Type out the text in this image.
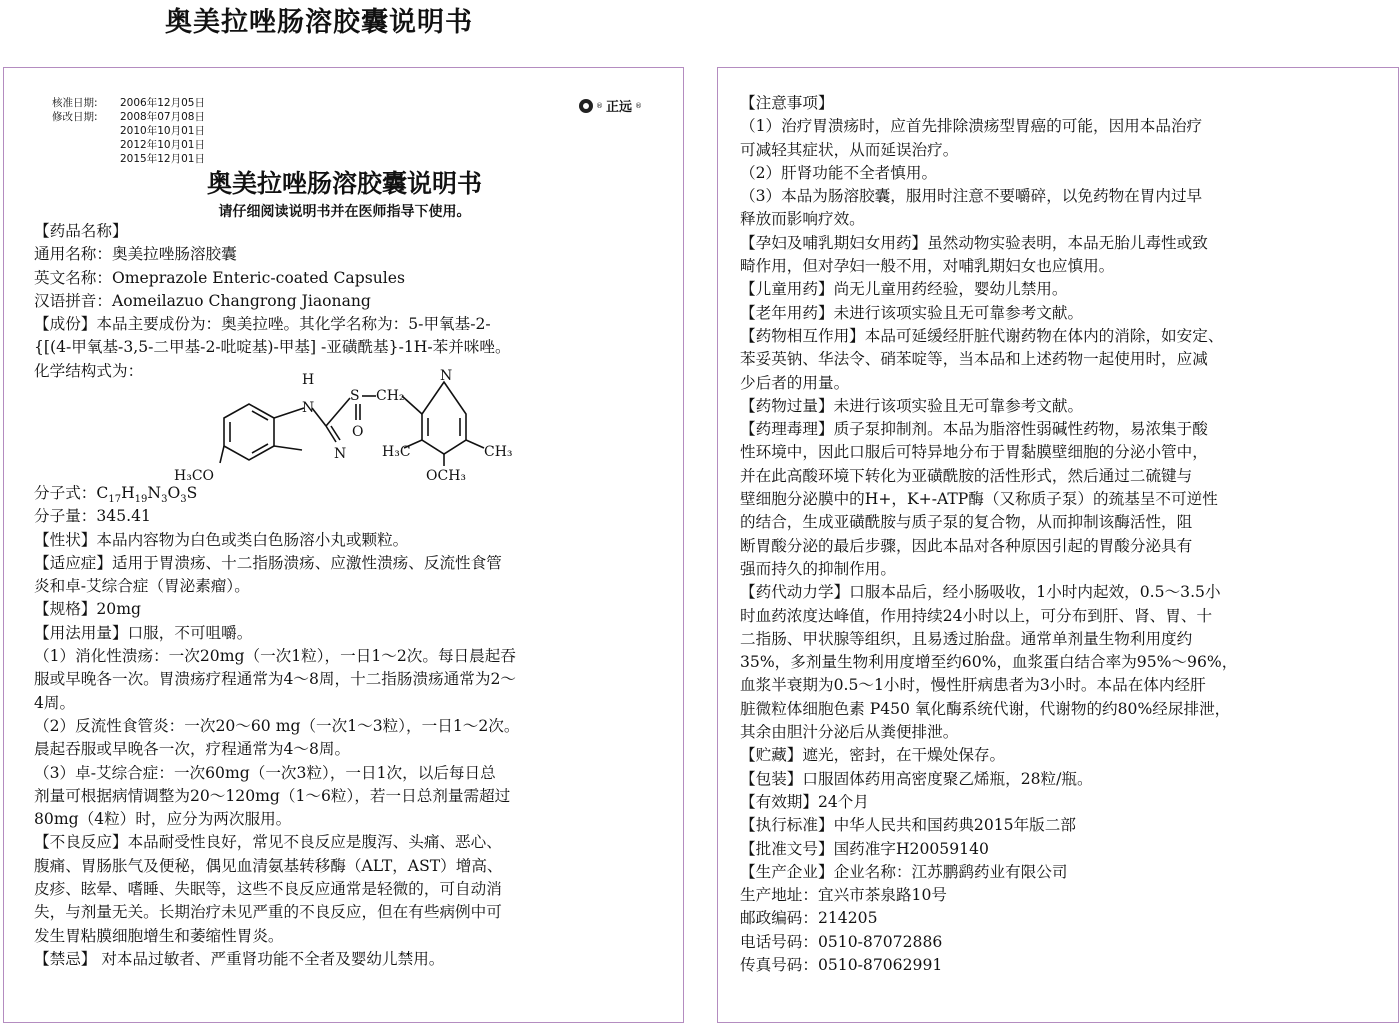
奥美拉唑肠溶胶囊说明书
核准日期:	2006年12月05日
修改日期:	2008年07月08日
2010年10月01日
2012年10月01日
2015年12月01日
® 正远 ®
奥美拉唑肠溶胶囊说明书
请仔细阅读说明书并在医师指导下使用。

【药品名称】

通用名称：奥美拉唑肠溶胶囊

英文名称：Omeprazole Enteric-coated Capsules

汉语拼音：Aomeilazuo Changrong Jiaonang

【成份】本品主要成份为：奥美拉唑。其化学名称为：5-甲氧基-2-

{[(4-甲氧基-3,5-二甲基-2-吡啶基)-甲基] -亚磺酰基}-1H-苯并咪唑。

化学结构式为：

H
N
N
S
O
CH₂
N
H₃C	CH₃
OCH₃
H₃CO

分子式：$C_{17}H_{19}N_3O_3S$

分子量：345.41

【性状】本品内容物为白色或类白色肠溶小丸或颗粒。

【适应症】适用于胃溃疡、十二指肠溃疡、应激性溃疡、反流性食管

炎和卓-艾综合症（胃泌素瘤）。

【规格】20mg

【用法用量】口服，不可咀嚼。

（1）消化性溃疡：一次20mg（一次1粒），一日1～2次。每日晨起吞

服或早晚各一次。胃溃疡疗程通常为4～8周，十二指肠溃疡通常为2～

4周。

（2）反流性食管炎：一次20～60 mg（一次1～3粒），一日1～2次。

晨起吞服或早晚各一次，疗程通常为4～8周。

（3）卓-艾综合症：一次60mg（一次3粒），一日1次，以后每日总

剂量可根据病情调整为20～120mg（1～6粒），若一日总剂量需超过

80mg（4粒）时，应分为两次服用。

【不良反应】本品耐受性良好，常见不良反应是腹泻、头痛、恶心、

腹痛、胃肠胀气及便秘，偶见血清氨基转移酶（ALT，AST）增高、

皮疹、眩晕、嗜睡、失眠等，这些不良反应通常是轻微的，可自动消

失，与剂量无关。长期治疗未见严重的不良反应，但在有些病例中可

发生胃粘膜细胞增生和萎缩性胃炎。

【禁忌】 对本品过敏者、严重肾功能不全者及婴幼儿禁用。

【注意事项】

（1）治疗胃溃疡时，应首先排除溃疡型胃癌的可能，因用本品治疗

可减轻其症状，从而延误治疗。

（2）肝肾功能不全者慎用。

（3）本品为肠溶胶囊，服用时注意不要嚼碎，以免药物在胃内过早

释放而影响疗效。

【孕妇及哺乳期妇女用药】虽然动物实验表明，本品无胎儿毒性或致

畸作用，但对孕妇一般不用，对哺乳期妇女也应慎用。

【儿童用药】尚无儿童用药经验，婴幼儿禁用。

【老年用药】未进行该项实验且无可靠参考文献。

【药物相互作用】本品可延缓经肝脏代谢药物在体内的消除，如安定、

苯妥英钠、华法令、硝苯啶等，当本品和上述药物一起使用时，应减

少后者的用量。

【药物过量】未进行该项实验且无可靠参考文献。

【药理毒理】质子泵抑制剂。本品为脂溶性弱碱性药物，易浓集于酸

性环境中，因此口服后可特异地分布于胃黏膜壁细胞的分泌小管中，

并在此高酸环境下转化为亚磺酰胺的活性形式，然后通过二硫键与

壁细胞分泌膜中的H+，K+-ATP酶（又称质子泵）的巯基呈不可逆性

的结合，生成亚磺酰胺与质子泵的复合物，从而抑制该酶活性，阻

断胃酸分泌的最后步骤，因此本品对各种原因引起的胃酸分泌具有

强而持久的抑制作用。

【药代动力学】口服本品后，经小肠吸收，1小时内起效，0.5～3.5小

时血药浓度达峰值，作用持续24小时以上，可分布到肝、肾、胃、十

二指肠、甲状腺等组织，且易透过胎盘。通常单剂量生物利用度约

35%，多剂量生物利用度增至约60%，血浆蛋白结合率为95%～96%，

血浆半衰期为0.5～1小时，慢性肝病患者为3小时。本品在体内经肝

脏微粒体细胞色素 P450 氧化酶系统代谢，代谢物的约80%经尿排泄，

其余由胆汁分泌后从粪便排泄。

【贮藏】遮光，密封，在干燥处保存。

【包装】口服固体药用高密度聚乙烯瓶，28粒/瓶。

【有效期】24个月

【执行标准】中华人民共和国药典2015年版二部

【批准文号】国药准字H20059140

【生产企业】企业名称：江苏鹏鹞药业有限公司

生产地址：宜兴市茶泉路10号

邮政编码：214205

电话号码：0510-87072886

传真号码：0510-87062991
